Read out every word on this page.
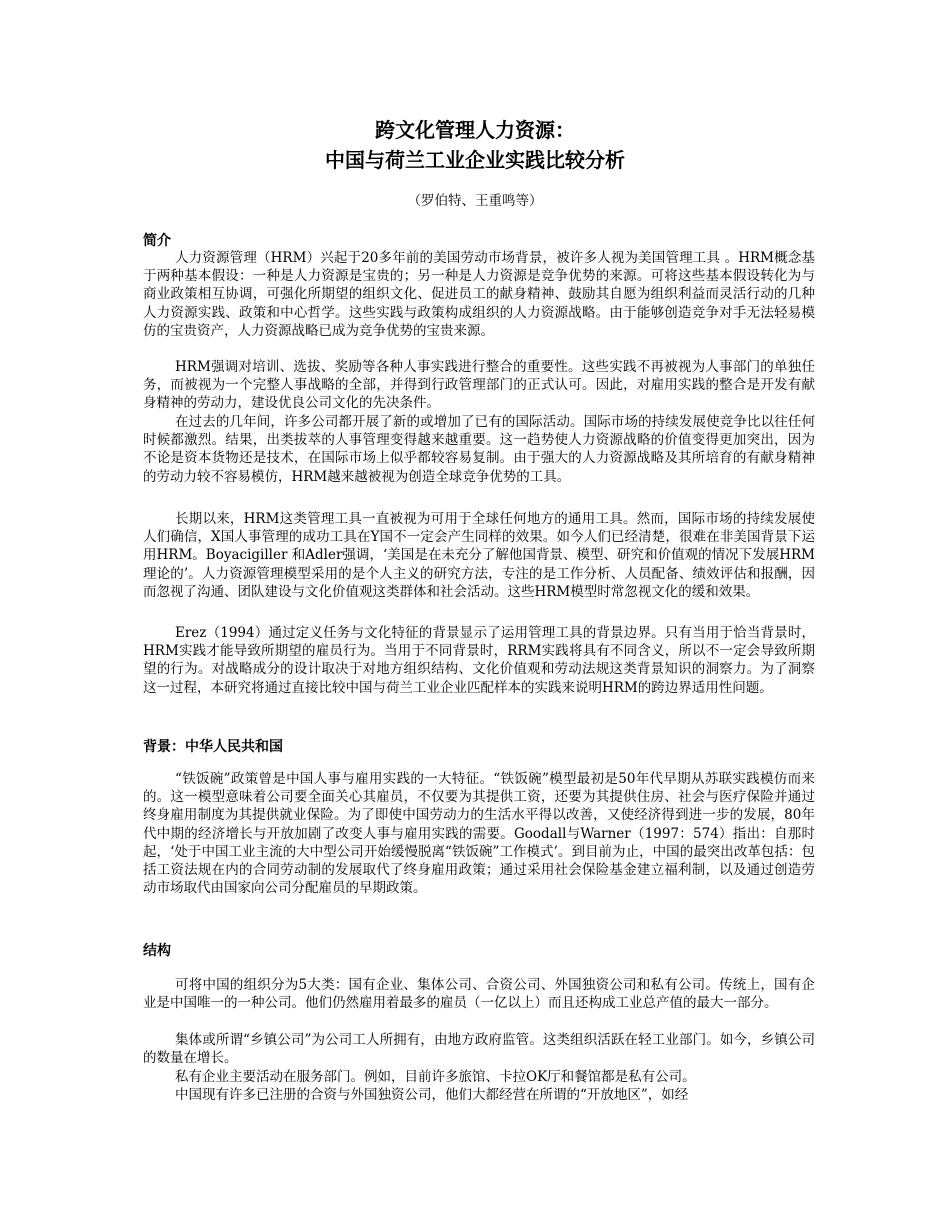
跨文化管理人力资源：
中国与荷兰工业企业实践比较分析
（罗伯特、王重鸣等）
简介

人力资源管理（HRM）兴起于20多年前的美国劳动市场背景，被许多人视为美国管理工具 。HRM概念基于两种基本假设：一种是人力资源是宝贵的；另一种是人力资源是竞争优势的来源。可将这些基本假设转化为与商业政策相互协调，可强化所期望的组织文化、促进员工的献身精神、鼓励其自愿为组织利益而灵活行动的几种人力资源实践、政策和中心哲学。这些实践与政策构成组织的人力资源战略。由于能够创造竞争对手无法轻易模仿的宝贵资产，人力资源战略已成为竞争优势的宝贵来源。

HRM强调对培训、选拔、奖励等各种人事实践进行整合的重要性。这些实践不再被视为人事部门的单独任务，而被视为一个完整人事战略的全部，并得到行政管理部门的正式认可。因此，对雇用实践的整合是开发有献身精神的劳动力，建设优良公司文化的先决条件。

在过去的几年间，许多公司都开展了新的或增加了已有的国际活动。国际市场的持续发展使竞争比以往任何时候都激烈。结果，出类拔萃的人事管理变得越来越重要。这一趋势使人力资源战略的价值变得更加突出，因为不论是资本货物还是技术，在国际市场上似乎都较容易复制。由于强大的人力资源战略及其所培育的有献身精神的劳动力较不容易模仿，HRM越来越被视为创造全球竞争优势的工具。

长期以来，HRM这类管理工具一直被视为可用于全球任何地方的通用工具。然而，国际市场的持续发展使人们确信，X国人事管理的成功工具在Y国不一定会产生同样的效果。如今人们已经清楚，很难在非美国背景下运用HRM。Boyacigiller 和Adler强调，‘美国是在未充分了解他国背景、模型、研究和价值观的情况下发展HRM理论的’。人力资源管理模型采用的是个人主义的研究方法，专注的是工作分析、人员配备、绩效评估和报酬，因而忽视了沟通、团队建设与文化价值观这类群体和社会活动。这些HRM模型时常忽视文化的缓和效果。

Erez（1994）通过定义任务与文化特征的背景显示了运用管理工具的背景边界。只有当用于恰当背景时，HRM实践才能导致所期望的雇员行为。当用于不同背景时，RRM实践将具有不同含义，所以不一定会导致所期望的行为。对战略成分的设计取决于对地方组织结构、文化价值观和劳动法规这类背景知识的洞察力。为了洞察这一过程，本研究将通过直接比较中国与荷兰工业企业匹配样本的实践来说明HRM的跨边界适用性问题。

背景：中华人民共和国

“铁饭碗”政策曾是中国人事与雇用实践的一大特征。“铁饭碗”模型最初是50年代早期从苏联实践模仿而来的。这一模型意味着公司要全面关心其雇员，不仅要为其提供工资，还要为其提供住房、社会与医疗保险并通过终身雇用制度为其提供就业保险。为了即使中国劳动力的生活水平得以改善，又使经济得到进一步的发展，80年代中期的经济增长与开放加剧了改变人事与雇用实践的需要。Goodall与Warner（1997：574）指出：自那时起，‘处于中国工业主流的大中型公司开始缓慢脱离“铁饭碗”工作模式’。到目前为止，中国的最突出改革包括：包括工资法规在内的合同劳动制的发展取代了终身雇用政策；通过采用社会保险基金建立福利制，以及通过创造劳动市场取代由国家向公司分配雇员的早期政策。

结构

可将中国的组织分为5大类：国有企业、集体公司、合资公司、外国独资公司和私有公司。传统上，国有企业是中国唯一的一种公司。他们仍然雇用着最多的雇员（一亿以上）而且还构成工业总产值的最大一部分。

集体或所谓“乡镇公司”为公司工人所拥有，由地方政府监管。这类组织活跃在轻工业部门。如今，乡镇公司的数量在增长。

私有企业主要活动在服务部门。例如，目前许多旅馆、卡拉OK厅和餐馆都是私有公司。

中国现有许多已注册的合资与外国独资公司，他们大都经营在所谓的“开放地区”，如经
